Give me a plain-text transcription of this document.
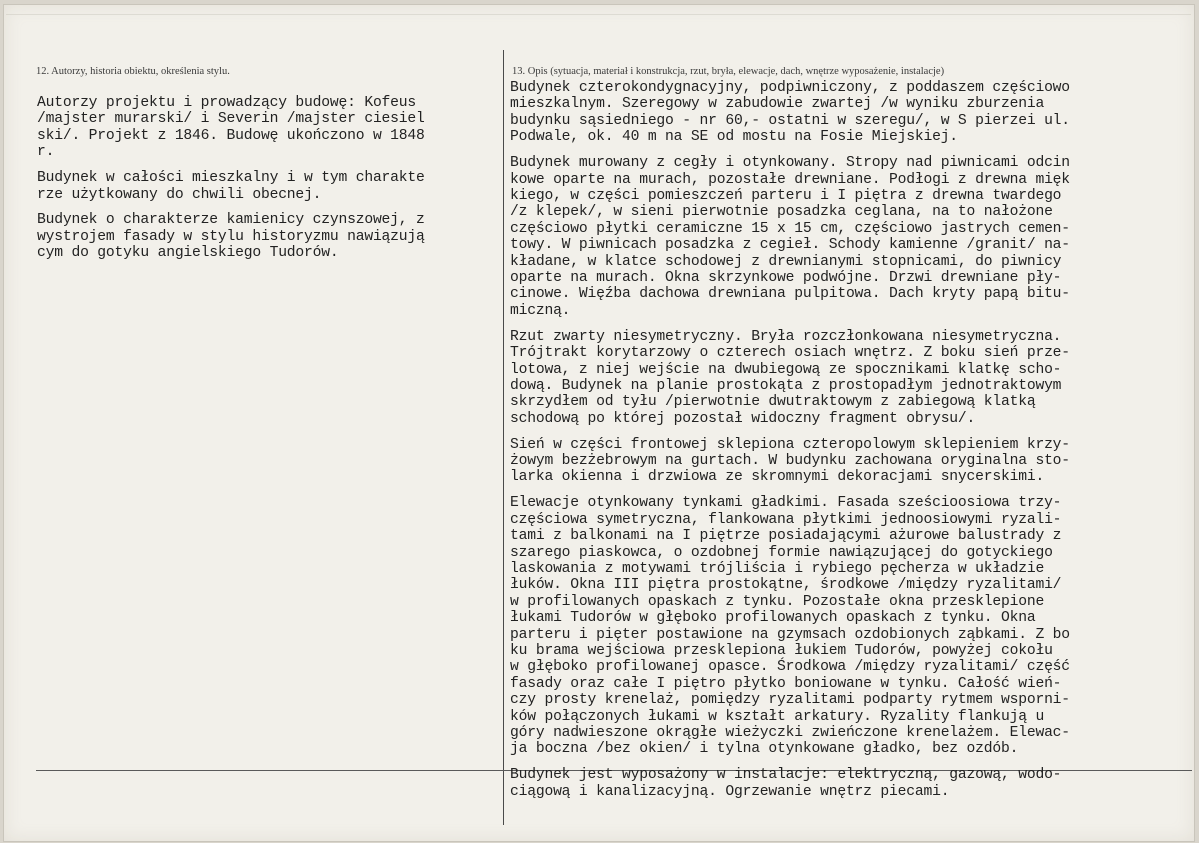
12. Autorzy, historia obiektu, określenia stylu.	13. Opis (sytuacja, materiał i konstrukcja, rzut, bryła, elewacje, dach, wnętrze wyposażenie, instalacje)
Autorzy projektu i prowadzący budowę: Kofeus
/majster murarski/ i Severin /majster ciesiel
ski/. Projekt z 1846. Budowę ukończono w 1848
r.
Budynek w całości mieszkalny i w tym charakte
rze użytkowany do chwili obecnej.
Budynek o charakterze kamienicy czynszowej, z
wystrojem fasady w stylu historyzmu nawiązują
cym do gotyku angielskiego Tudorów.
Budynek czterokondygnacyjny, podpiwniczony, z poddaszem częściowo
mieszkalnym. Szeregowy w zabudowie zwartej /w wyniku zburzenia
budynku sąsiedniego - nr 60,- ostatni w szeregu/, w S pierzei ul.
Podwale, ok. 40 m na SE od mostu na Fosie Miejskiej.
Budynek murowany z cegły i otynkowany. Stropy nad piwnicami odcin
kowe oparte na murach, pozostałe drewniane. Podłogi z drewna mięk
kiego, w części pomieszczeń parteru i I piętra z drewna twardego
/z klepek/, w sieni pierwotnie posadzka ceglana, na to nałożone
częściowo płytki ceramiczne 15 x 15 cm, częściowo jastrych cemen-
towy. W piwnicach posadzka z cegieł. Schody kamienne /granit/ na-
kładane, w klatce schodowej z drewnianymi stopnicami, do piwnicy
oparte na murach. Okna skrzynkowe podwójne. Drzwi drewniane pły-
cinowe. Więźba dachowa drewniana pulpitowa. Dach kryty papą bitu-
miczną.
Rzut zwarty niesymetryczny. Bryła rozczłonkowana niesymetryczna.
Trójtrakt korytarzowy o czterech osiach wnętrz. Z boku sień prze-
lotowa, z niej wejście na dwubiegową ze spocznikami klatkę scho-
dową. Budynek na planie prostokąta z prostopadłym jednotraktowym
skrzydłem od tyłu /pierwotnie dwutraktowym z zabiegową klatką
schodową po której pozostał widoczny fragment obrysu/.
Sień w części frontowej sklepiona czteropolowym sklepieniem krzy-
żowym bezżebrowym na gurtach. W budynku zachowana oryginalna sto-
larka okienna i drzwiowa ze skromnymi dekoracjami snycerskimi.
Elewacje otynkowany tynkami gładkimi. Fasada sześcioosiowa trzy-
częściowa symetryczna, flankowana płytkimi jednoosiowymi ryzali-
tami z balkonami na I piętrze posiadającymi ażurowe balustrady z
szarego piaskowca, o ozdobnej formie nawiązującej do gotyckiego
laskowania z motywami trójliścia i rybiego pęcherza w układzie
łuków. Okna III piętra prostokątne, środkowe /między ryzalitami/
w profilowanych opaskach z tynku. Pozostałe okna przesklepione
łukami Tudorów w głęboko profilowanych opaskach z tynku. Okna
parteru i pięter postawione na gzymsach ozdobionych ząbkami. Z bo
ku brama wejściowa przesklepiona łukiem Tudorów, powyżej cokołu
w głęboko profilowanej opasce. Środkowa /między ryzalitami/ część
fasady oraz całe I piętro płytko boniowane w tynku. Całość wień-
czy prosty krenelaż, pomiędzy ryzalitami podparty rytmem wsporni-
ków połączonych łukami w kształt arkatury. Ryzality flankują u
góry nadwieszone okrągłe wieżyczki zwieńczone krenelażem. Elewac-
ja boczna /bez okien/ i tylna otynkowane gładko, bez ozdób.
Budynek jest wyposażony w instalacje: elektryczną, gazową, wodo-
ciągową i kanalizacyjną. Ogrzewanie wnętrz piecami.
